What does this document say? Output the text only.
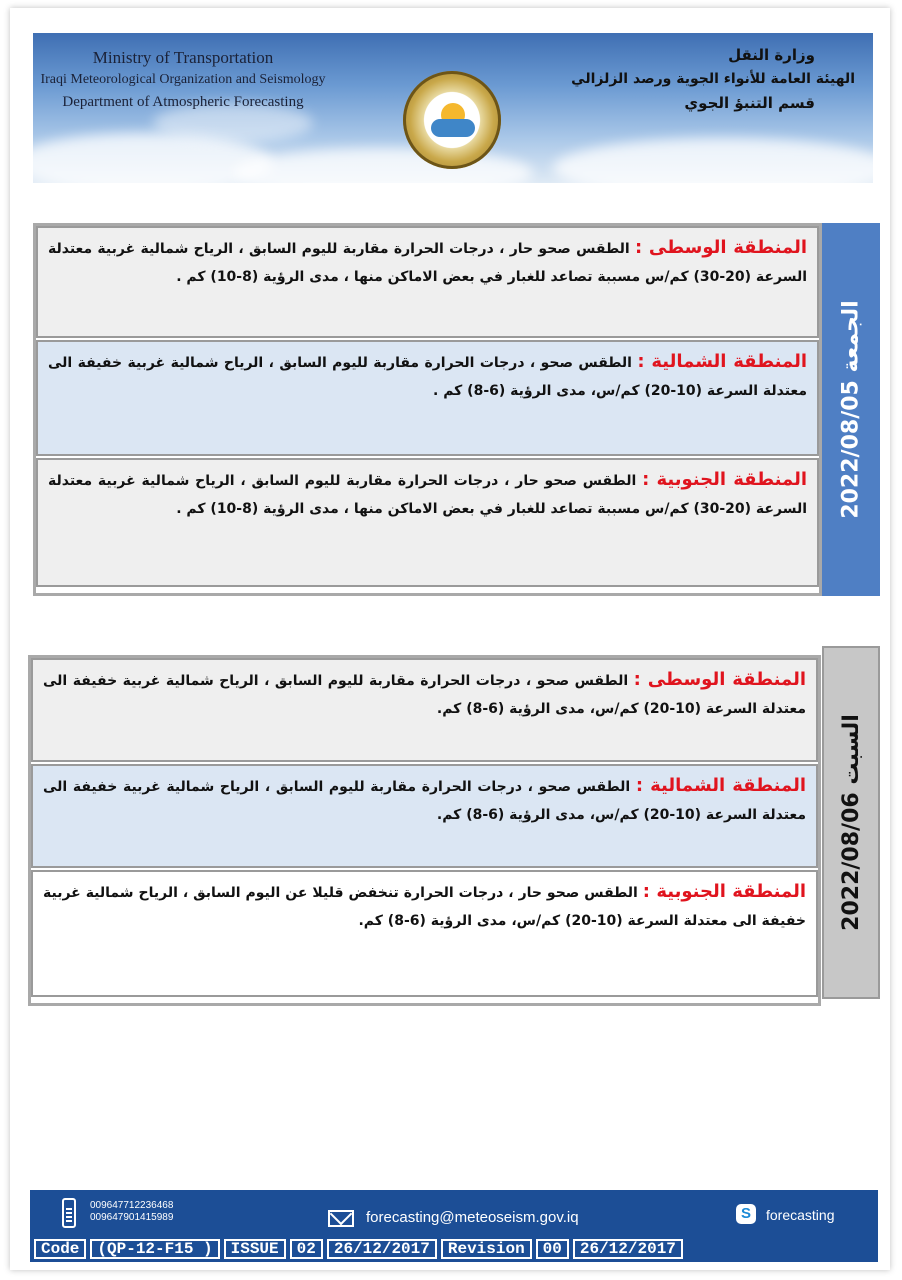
Ministry of Transportation
Iraqi Meteorological Organization and Seismology
Department of Atmospheric Forecasting
وزارة النقل
الهيئة العامة للأنواء الجوية ورصد الزلزالي
قسم التنبؤ الجوي
المنطقة الوسطى : الطقس صحو حار ، درجات الحرارة مقاربة لليوم السابق ، الرياح شمالية غربية معتدلة السرعة (20-30) كم/س مسببة تصاعد للغبار في بعض الاماكن منها ، مدى الرؤية (8-10) كم .
المنطقة الشمالية : الطقس صحو ، درجات الحرارة مقاربة لليوم السابق ، الرياح شمالية غربية خفيفة الى معتدلة السرعة (10-20) كم/س، مدى الرؤية (6-8) كم .
المنطقة الجنوبية : الطقس صحو حار ، درجات الحرارة مقاربة لليوم السابق ، الرياح شمالية غربية معتدلة السرعة (20-30) كم/س مسببة تصاعد للغبار في بعض الاماكن منها ، مدى الرؤية (8-10) كم .	الجمعة 2022/08/05
المنطقة الوسطى : الطقس صحو ، درجات الحرارة مقاربة لليوم السابق ، الرياح شمالية غربية خفيفة الى معتدلة السرعة (10-20) كم/س، مدى الرؤية (6-8) كم.
المنطقة الشمالية : الطقس صحو ، درجات الحرارة مقاربة لليوم السابق ، الرياح شمالية غربية خفيفة الى معتدلة السرعة (10-20) كم/س، مدى الرؤية (6-8) كم.
المنطقة الجنوبية : الطقس صحو حار ، درجات الحرارة تنخفض قليلا عن اليوم السابق ، الرياح شمالية غربية خفيفة الى معتدلة السرعة (10-20) كم/س، مدى الرؤية (6-8) كم.	السبت 2022/08/06
009647712236468
009647901415989	forecasting@meteoseism.gov.iq	S	forecasting
Code	(QP-12-F15 )	ISSUE	02	26/12/2017	Revision	00	26/12/2017
